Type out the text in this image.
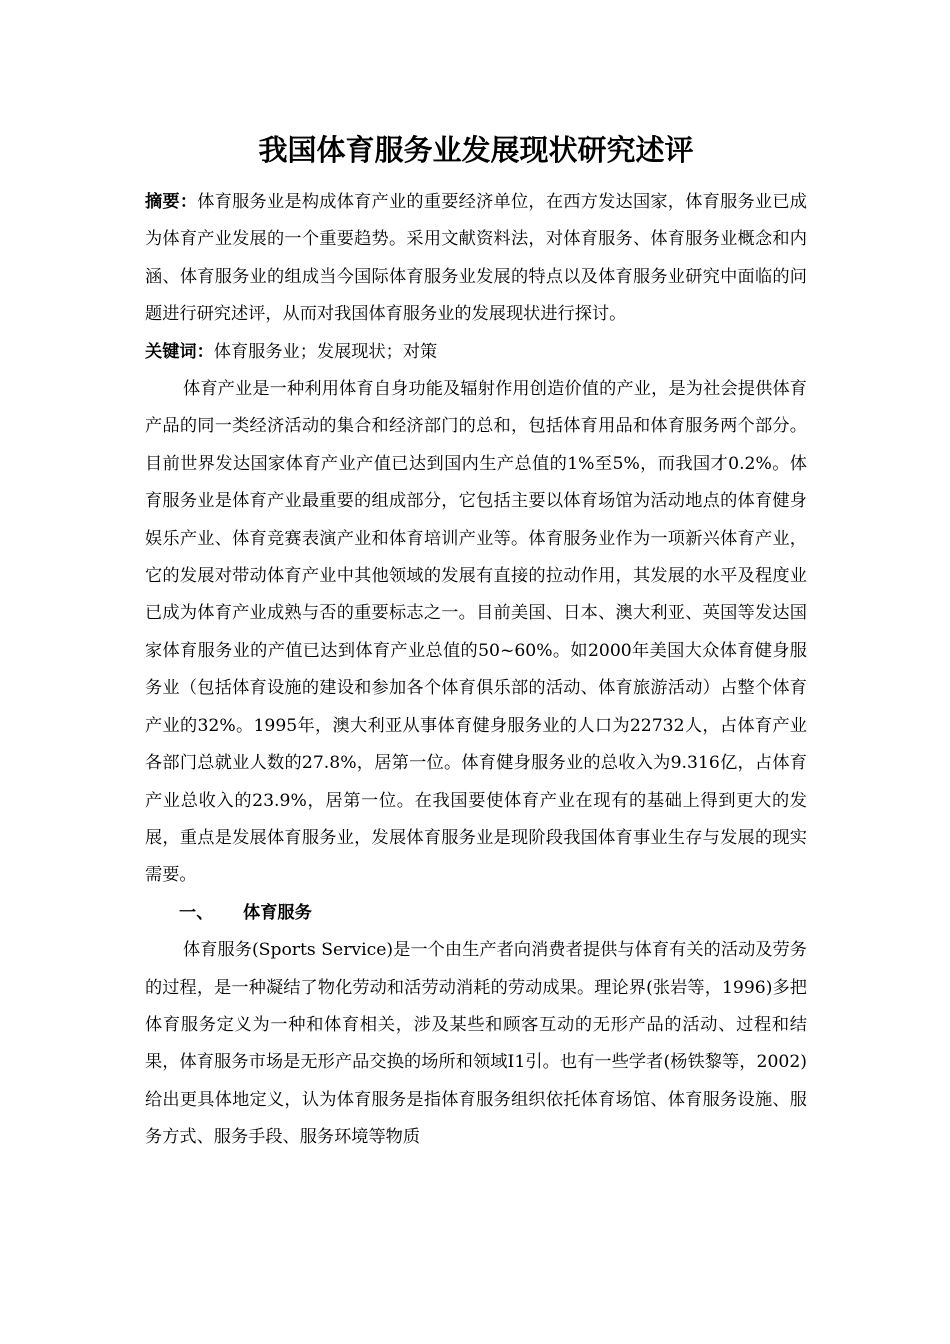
我国体育服务业发展现状研究述评

摘要：体育服务业是构成体育产业的重要经济单位，在西方发达国家，体育服务业已成为体育产业发展的一个重要趋势。采用文献资料法，对体育服务、体育服务业概念和内涵、体育服务业的组成当今国际体育服务业发展的特点以及体育服务业研究中面临的问题进行研究述评，从而对我国体育服务业的发展现状进行探讨。

关键词：体育服务业；发展现状；对策

体育产业是一种利用体育自身功能及辐射作用创造价值的产业，是为社会提供体育产品的同一类经济活动的集合和经济部门的总和，包括体育用品和体育服务两个部分。目前世界发达国家体育产业产值已达到国内生产总值的1%至5%，而我国才0.2%。体育服务业是体育产业最重要的组成部分，它包括主要以体育场馆为活动地点的体育健身娱乐产业、体育竞赛表演产业和体育培训产业等。体育服务业作为一项新兴体育产业，它的发展对带动体育产业中其他领域的发展有直接的拉动作用，其发展的水平及程度业已成为体育产业成熟与否的重要标志之一。目前美国、日本、澳大利亚、英国等发达国家体育服务业的产值已达到体育产业总值的50~60%。如2000年美国大众体育健身服务业（包括体育设施的建设和参加各个体育俱乐部的活动、体育旅游活动）占整个体育产业的32%。1995年，澳大利亚从事体育健身服务业的人口为22732人，占体育产业各部门总就业人数的27.8%，居第一位。体育健身服务业的总收入为9.316亿，占体育产业总收入的23.9%，居第一位。在我国要使体育产业在现有的基础上得到更大的发展，重点是发展体育服务业，发展体育服务业是现阶段我国体育事业生存与发展的现实需要。

一、 体育服务

体育服务(Sports Service)是一个由生产者向消费者提供与体育有关的活动及劳务的过程，是一种凝结了物化劳动和活劳动消耗的劳动成果。理论界(张岩等，1996)多把体育服务定义为一种和体育相关，涉及某些和顾客互动的无形产品的活动、过程和结果，体育服务市场是无形产品交换的场所和领域I1引。也有一些学者(杨铁黎等，2002)给出更具体地定义，认为体育服务是指体育服务组织依托体育场馆、体育服务设施、服务方式、服务手段、服务环境等物质
